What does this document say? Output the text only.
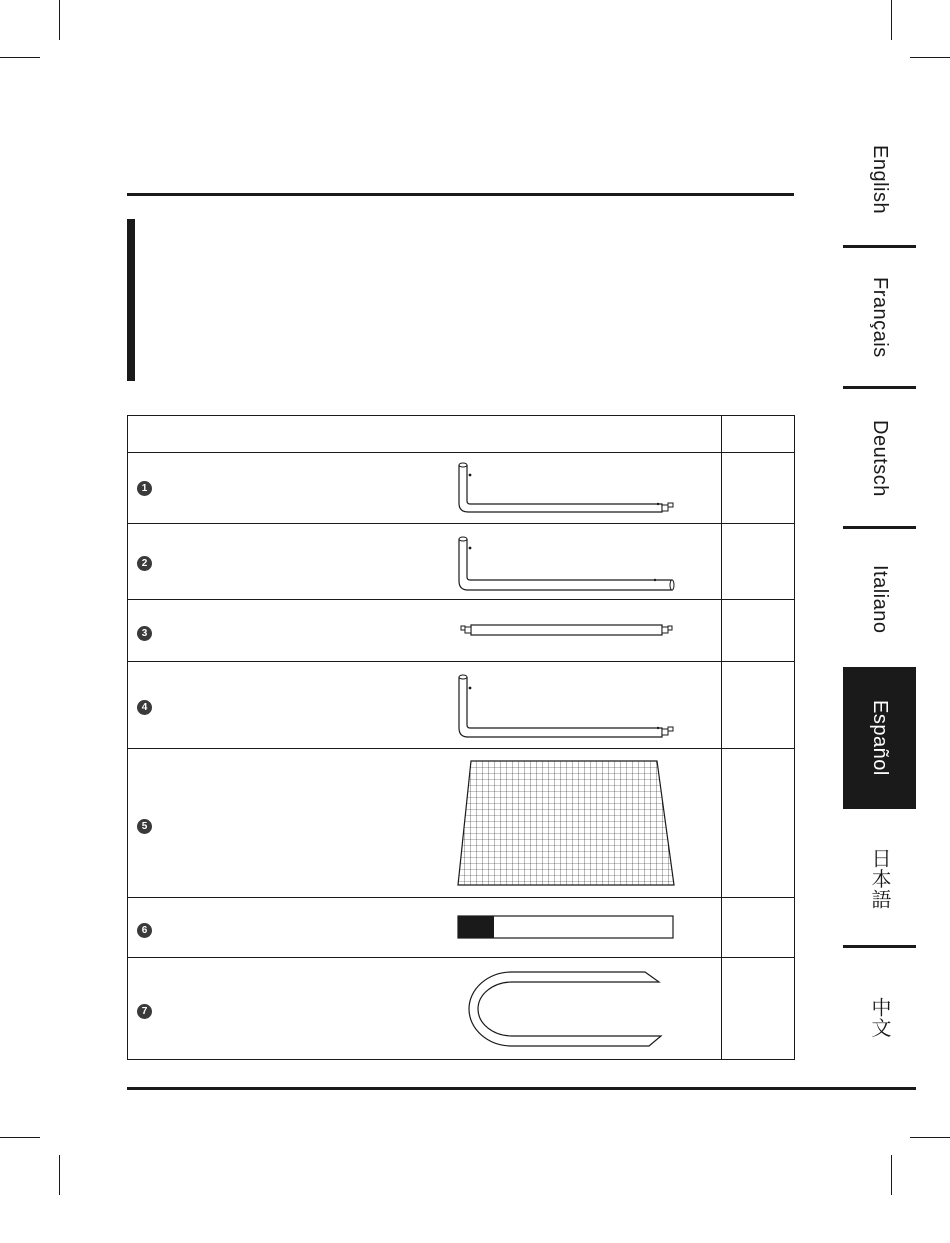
1	

2	

3	

4	

5	

6	

7	

English
Français
Deutsch
Italiano
Español
日本語
中文
